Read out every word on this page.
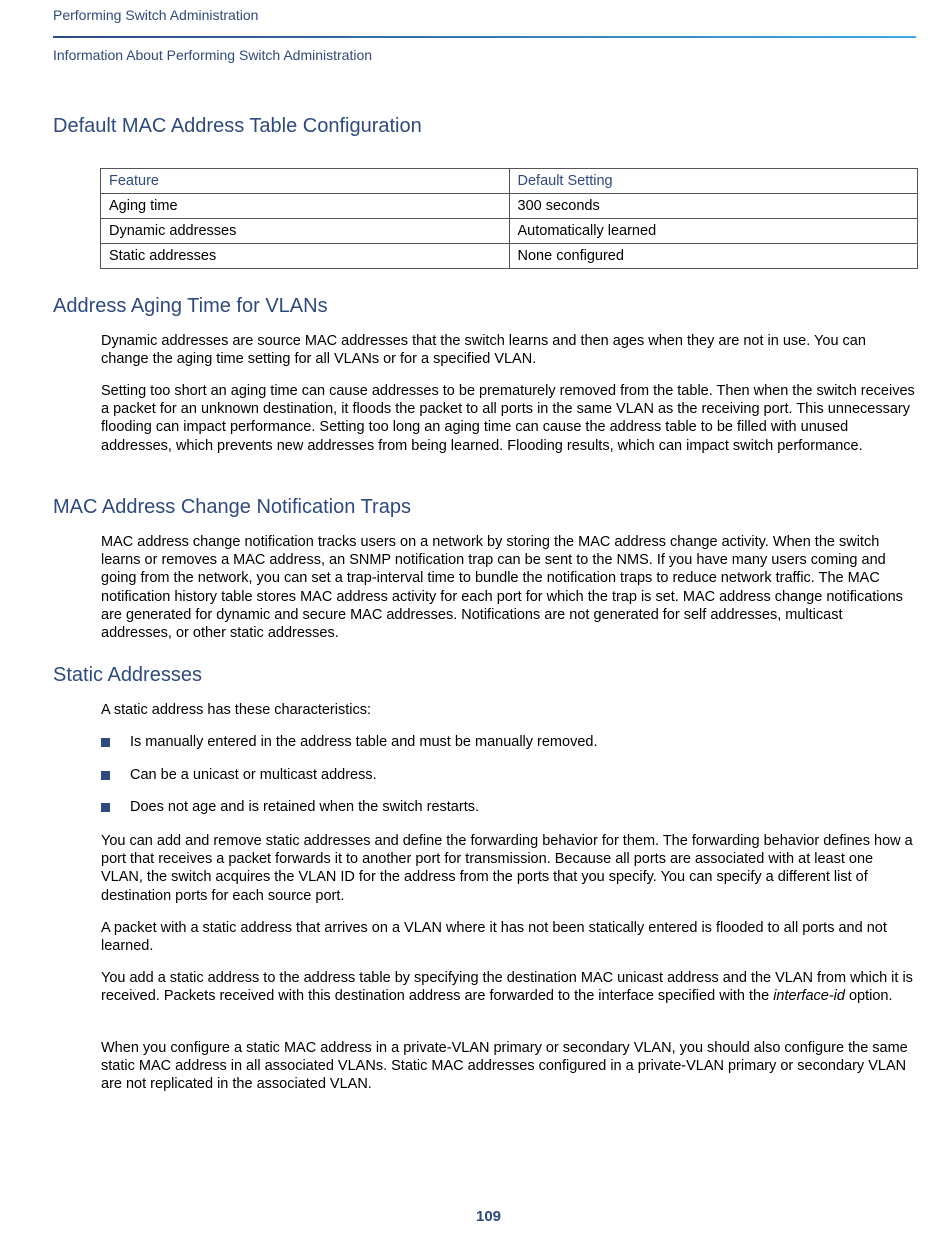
Performing Switch Administration
Information About Performing Switch Administration
Default MAC Address Table Configuration
Feature	Default Setting
Aging time	300 seconds
Dynamic addresses	Automatically learned
Static addresses	None configured
Address Aging Time for VLANs

Dynamic addresses are source MAC addresses that the switch learns and then ages when they are not in use. You can change the aging time setting for all VLANs or for a specified VLAN.

Setting too short an aging time can cause addresses to be prematurely removed from the table. Then when the switch receives a packet for an unknown destination, it floods the packet to all ports in the same VLAN as the receiving port. This unnecessary flooding can impact performance. Setting too long an aging time can cause the address table to be filled with unused addresses, which prevents new addresses from being learned. Flooding results, which can impact switch performance.

MAC Address Change Notification Traps

MAC address change notification tracks users on a network by storing the MAC address change activity. When the switch learns or removes a MAC address, an SNMP notification trap can be sent to the NMS. If you have many users coming and going from the network, you can set a trap-interval time to bundle the notification traps to reduce network traffic. The MAC notification history table stores MAC address activity for each port for which the trap is set. MAC address change notifications are generated for dynamic and secure MAC addresses. Notifications are not generated for self addresses, multicast addresses, or other static addresses.

Static Addresses

A static address has these characteristics:

Is manually entered in the address table and must be manually removed.
Can be a unicast or multicast address.
Does not age and is retained when the switch restarts.

You can add and remove static addresses and define the forwarding behavior for them. The forwarding behavior defines how a port that receives a packet forwards it to another port for transmission. Because all ports are associated with at least one VLAN, the switch acquires the VLAN ID for the address from the ports that you specify. You can specify a different list of destination ports for each source port.

A packet with a static address that arrives on a VLAN where it has not been statically entered is flooded to all ports and not learned.

You add a static address to the address table by specifying the destination MAC unicast address and the VLAN from which it is received. Packets received with this destination address are forwarded to the interface specified with the interface-id option.

When you configure a static MAC address in a private-VLAN primary or secondary VLAN, you should also configure the same static MAC address in all associated VLANs. Static MAC addresses configured in a private-VLAN primary or secondary VLAN are not replicated in the associated VLAN.

109
